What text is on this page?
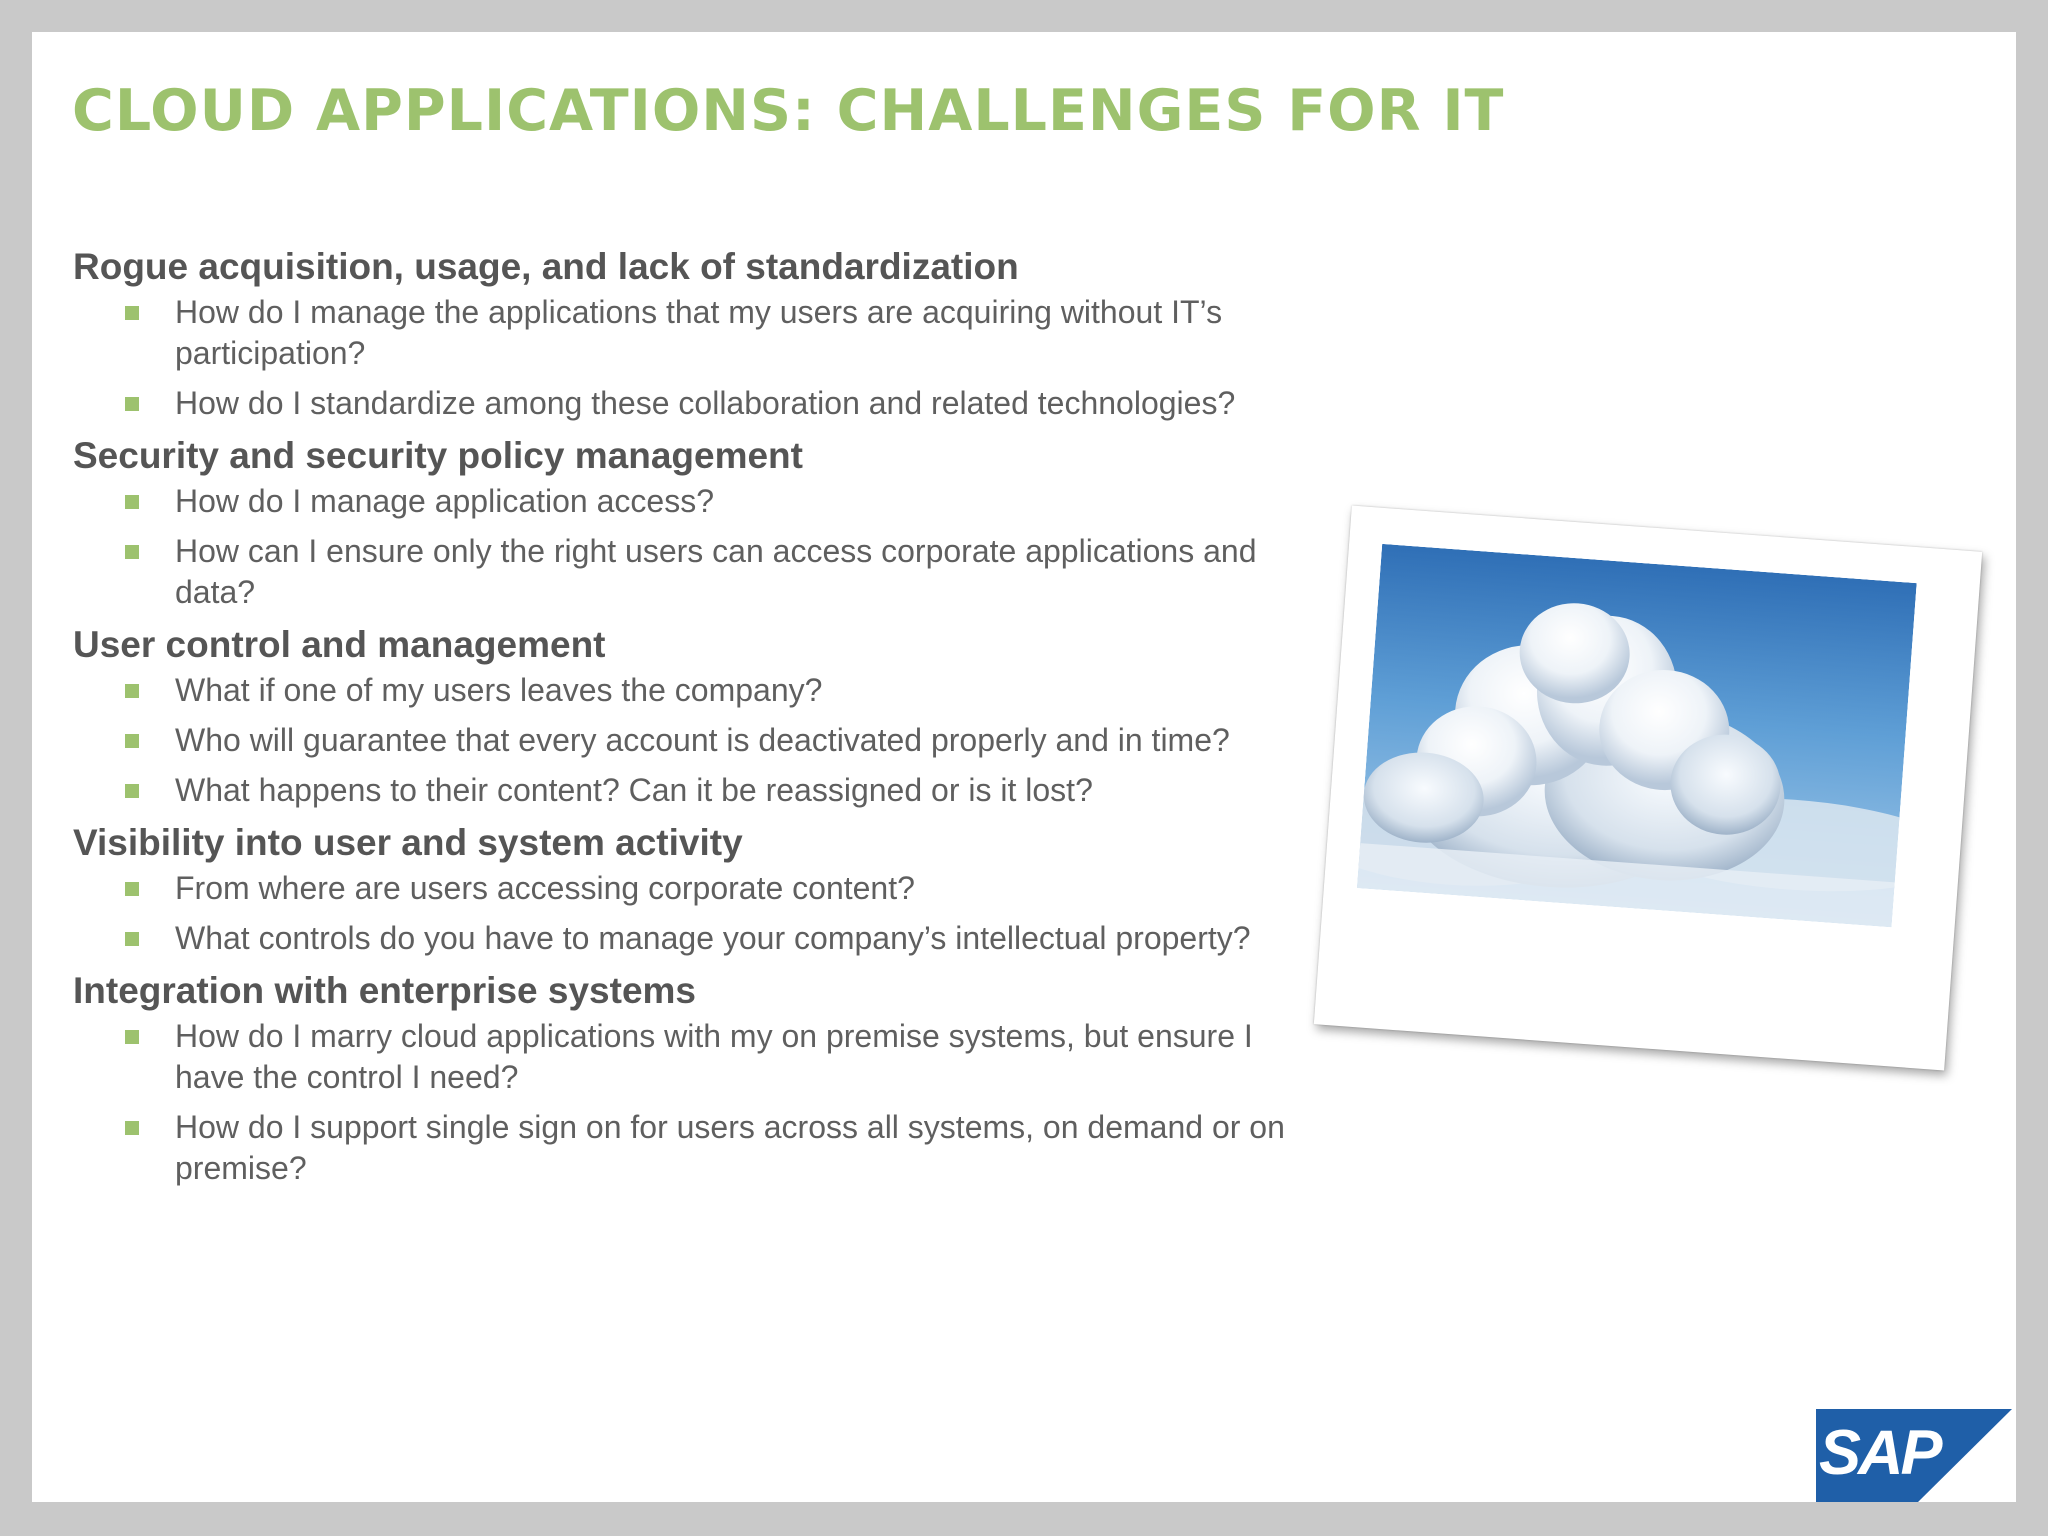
CLOUD APPLICATIONS: CHALLENGES FOR IT
Rogue acquisition, usage, and lack of standardization
How do I manage the applications that my users are acquiring without IT’s participation?
How do I standardize among these collaboration and related technologies?
Security and security policy management
How do I manage application access?
How can I ensure only the right users can access corporate applications and data?
User control and management
What if one of my users leaves the company?
Who will guarantee that every account is deactivated properly and in time?
What happens to their content? Can it be reassigned or is it lost?
Visibility into user and system activity
From where are users accessing corporate content?
What controls do you have to manage your company’s intellectual property?
Integration with enterprise systems
How do I marry cloud applications with my on premise systems, but ensure I have the control I need?
How do I support single sign on for users across all systems, on demand or on premise?
SAP
®
